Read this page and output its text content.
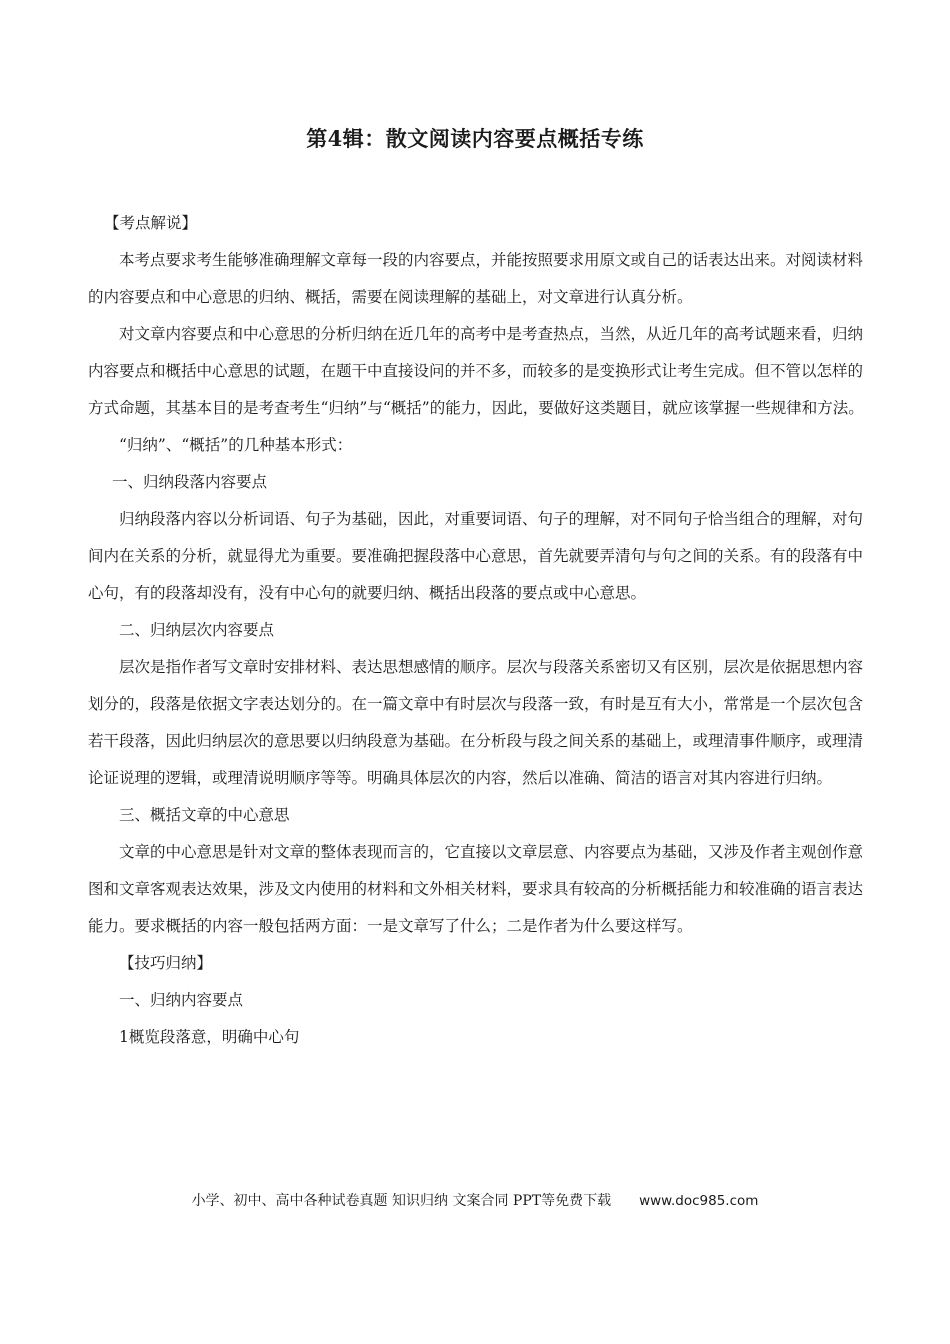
第4辑：散文阅读内容要点概括专练

【考点解说】

本考点要求考生能够准确理解文章每一段的内容要点，并能按照要求用原文或自己的话表达出来。对阅读材料的内容要点和中心意思的归纳、概括，需要在阅读理解的基础上，对文章进行认真分析。

对文章内容要点和中心意思的分析归纳在近几年的高考中是考查热点，当然，从近几年的高考试题来看，归纳内容要点和概括中心意思的试题，在题干中直接设问的并不多，而较多的是变换形式让考生完成。但不管以怎样的方式命题，其基本目的是考查考生“归纳”与“概括”的能力，因此，要做好这类题目，就应该掌握一些规律和方法。

“归纳”、“概括”的几种基本形式：

一、归纳段落内容要点

归纳段落内容以分析词语、句子为基础，因此，对重要词语、句子的理解，对不同句子恰当组合的理解，对句间内在关系的分析，就显得尤为重要。要准确把握段落中心意思，首先就要弄清句与句之间的关系。有的段落有中心句，有的段落却没有，没有中心句的就要归纳、概括出段落的要点或中心意思。

二、归纳层次内容要点

层次是指作者写文章时安排材料、表达思想感情的顺序。层次与段落关系密切又有区别，层次是依据思想内容划分的，段落是依据文字表达划分的。在一篇文章中有时层次与段落一致，有时是互有大小，常常是一个层次包含若干段落，因此归纳层次的意思要以归纳段意为基础。在分析段与段之间关系的基础上，或理清事件顺序，或理清论证说理的逻辑，或理清说明顺序等等。明确具体层次的内容，然后以准确、简洁的语言对其内容进行归纳。

三、概括文章的中心意思

文章的中心意思是针对文章的整体表现而言的，它直接以文章层意、内容要点为基础，又涉及作者主观创作意图和文章客观表达效果，涉及文内使用的材料和文外相关材料，要求具有较高的分析概括能力和较准确的语言表达能力。要求概括的内容一般包括两方面：一是文章写了什么；二是作者为什么要这样写。

【技巧归纳】

一、归纳内容要点

1概览段落意，明确中心句

小学、初中、高中各种试卷真题 知识归纳 文案合同 PPT等免费下载 www.doc985.com
